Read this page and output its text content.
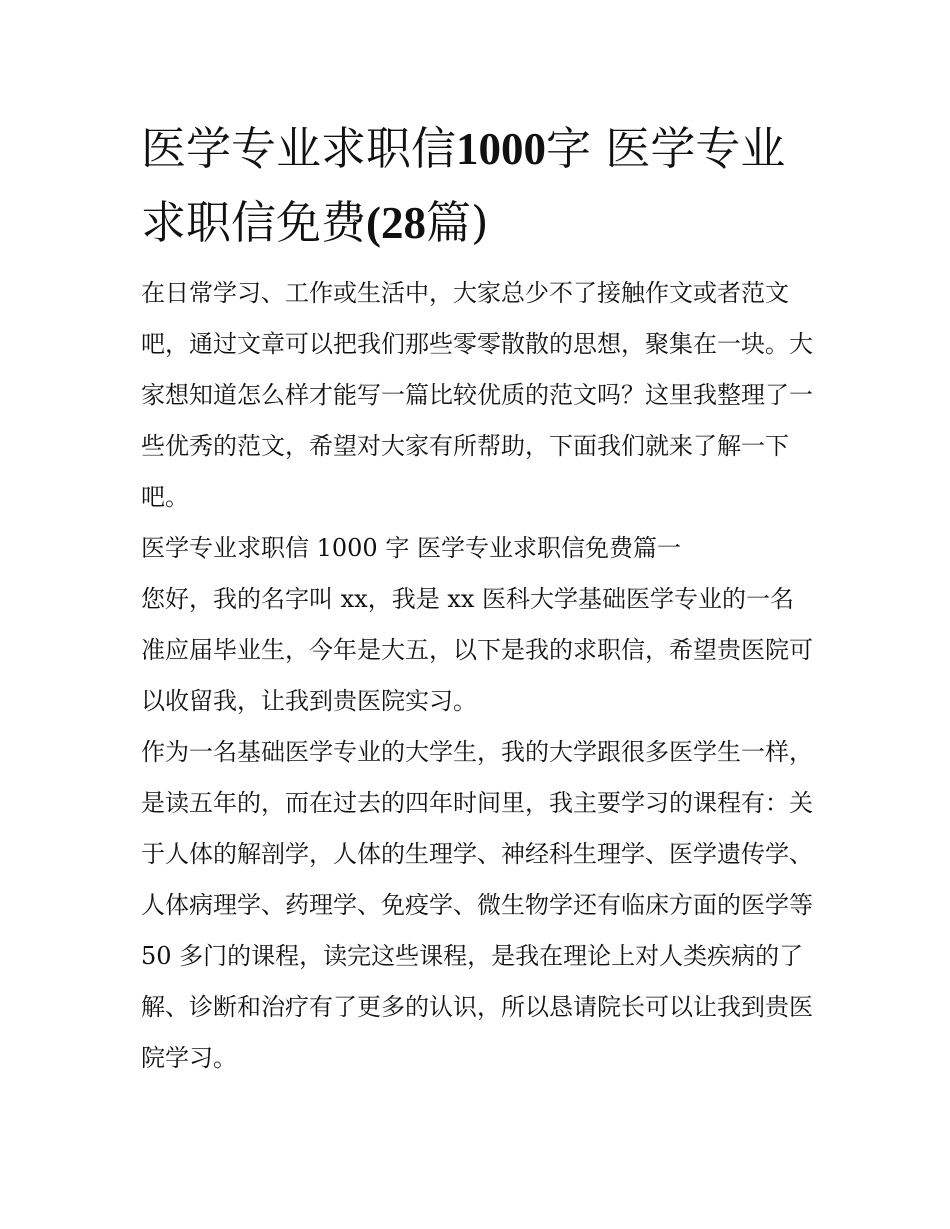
医学专业求职信1000字 医学专业求职信免费(28篇)

在日常学习、工作或生活中，大家总少不了接触作文或者范文吧，通过文章可以把我们那些零零散散的思想，聚集在一块。大家想知道怎么样才能写一篇比较优质的范文吗？这里我整理了一些优秀的范文，希望对大家有所帮助，下面我们就来了解一下吧。

医学专业求职信 1000 字 医学专业求职信免费篇一

您好，我的名字叫 xx，我是 xx 医科大学基础医学专业的一名准应届毕业生，今年是大五，以下是我的求职信，希望贵医院可以收留我，让我到贵医院实习。

作为一名基础医学专业的大学生，我的大学跟很多医学生一样，是读五年的，而在过去的四年时间里，我主要学习的课程有：关于人体的解剖学，人体的生理学、神经科生理学、医学遗传学、人体病理学、药理学、免疫学、微生物学还有临床方面的医学等 50 多门的课程，读完这些课程，是我在理论上对人类疾病的了解、诊断和治疗有了更多的认识，所以恳请院长可以让我到贵医院学习。
